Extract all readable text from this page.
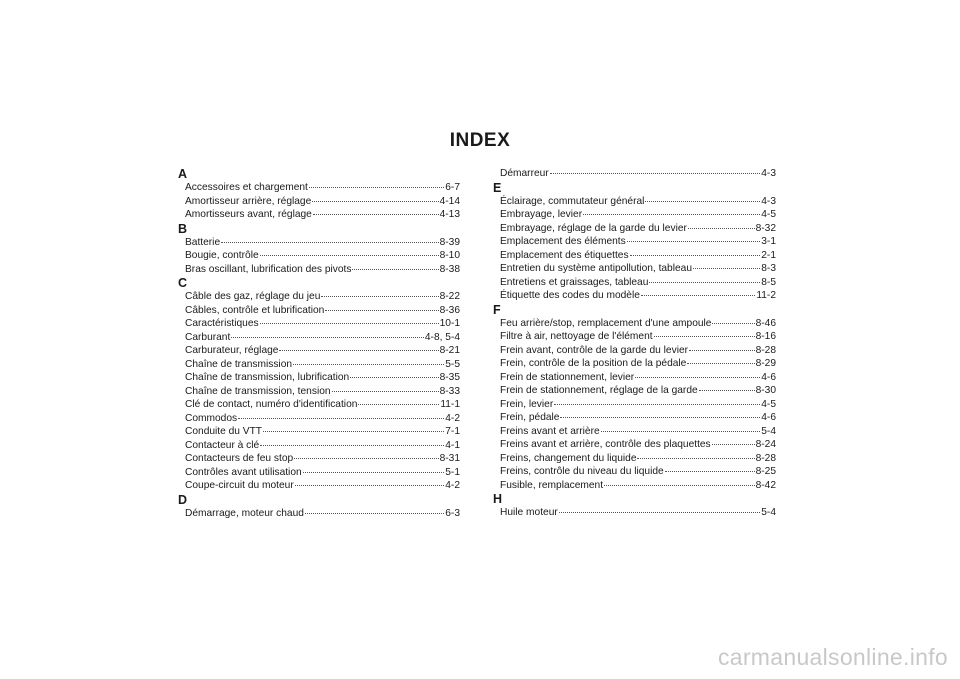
INDEX
A
Accessoires et chargement	6-7
Amortisseur arrière, réglage	4-14
Amortisseurs avant, réglage	4-13
B
Batterie	8-39
Bougie, contrôle	8-10
Bras oscillant, lubrification des pivots	8-38
C
Câble des gaz, réglage du jeu	8-22
Câbles, contrôle et lubrification	8-36
Caractéristiques	10-1
Carburant	4-8, 5-4
Carburateur, réglage	8-21
Chaîne de transmission	5-5
Chaîne de transmission, lubrification	8-35
Chaîne de transmission, tension	8-33
Clé de contact, numéro d'identification	11-1
Commodos	4-2
Conduite du VTT	7-1
Contacteur à clé	4-1
Contacteurs de feu stop	8-31
Contrôles avant utilisation	5-1
Coupe-circuit du moteur	4-2
D
Démarrage, moteur chaud	6-3
Démarreur	4-3
E
Éclairage, commutateur général	4-3
Embrayage, levier	4-5
Embrayage, réglage de la garde du levier	8-32
Emplacement des éléments	3-1
Emplacement des étiquettes	2-1
Entretien du système antipollution, tableau	8-3
Entretiens et graissages, tableau	8-5
Étiquette des codes du modèle	11-2
F
Feu arrière/stop, remplacement d'une ampoule	8-46
Filtre à air, nettoyage de l'élément	8-16
Frein avant, contrôle de la garde du levier	8-28
Frein, contrôle de la position de la pédale	8-29
Frein de stationnement, levier	4-6
Frein de stationnement, réglage de la garde	8-30
Frein, levier	4-5
Frein, pédale	4-6
Freins avant et arrière	5-4
Freins avant et arrière, contrôle des plaquettes	8-24
Freins, changement du liquide	8-28
Freins, contrôle du niveau du liquide	8-25
Fusible, remplacement	8-42
H
Huile moteur	5-4
carmanualsonline.info
